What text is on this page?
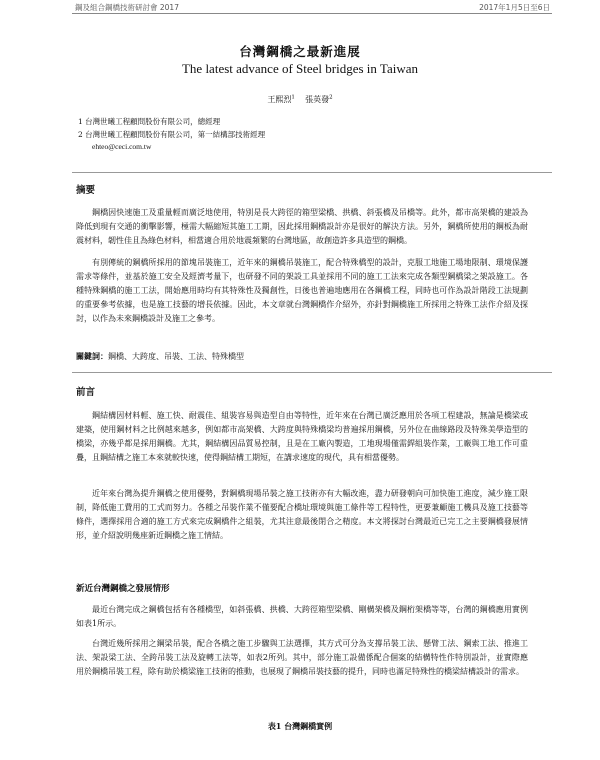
鋼及組合鋼橋技術研討會 2017	2017年1月5日至6日
台灣鋼橋之最新進展
The latest advance of Steel bridges in Taiwan
王熙烈$^1$ 張英發$^2$
1 台灣世曦工程顧問股份有限公司，總經理
2 台灣世曦工程顧問股份有限公司，第一結構部技術經理
ehteo@ceci.com.tw
摘要

鋼橋因快速施工及重量輕而廣泛地使用，特別是長大跨徑的箱型梁橋、拱橋、斜張橋及吊橋等。此外，都市高架橋的建設為降低到現有交通的衝擊影響，極需大幅縮短其施工工期，因此採用鋼橋設計亦是很好的解決方法。另外，鋼橋所使用的鋼板為耐震材料，韌性佳且為綠色材料，相當適合用於地震頻繁的台灣地區，故創造許多具造型的鋼橋。

有別傳統的鋼橋所採用的節塊吊裝施工，近年來的鋼橋吊裝施工，配合特殊橋型的設計，克服工地施工場地限制、環境保護需求等條件，並基於施工安全及經濟考量下，也研發不同的架設工具並採用不同的施工工法來完成各類型鋼橋梁之架設施工。各種特殊鋼橋的施工工法，開始應用時均有其特殊性及獨創性，日後也普遍地應用在各鋼橋工程，同時也可作為設計階段工法規劃的重要參考依據，也是施工技藝的增長依據。因此，本文章就台灣鋼橋作介紹外，亦針對鋼橋施工所採用之特殊工法作介紹及探討，以作為未來鋼橋設計及施工之參考。

關鍵詞：鋼橋、大跨度、吊裝、工法、特殊橋型
前言

鋼結構因材料輕、施工快、耐震佳、組裝容易與造型自由等特性，近年來在台灣已廣泛應用於各項工程建設，無論是橋梁或建築，使用鋼材料之比例越來越多，例如都市高架橋、大跨度與特殊橋梁均普遍採用鋼橋，另外位在曲線路段及特殊美學造型的橋梁，亦幾乎都是採用鋼橋。尤其，鋼結構因品質易控制，且是在工廠內製造，工地現場僅需銲組裝作業，工廠與工地工作可重疊，且鋼結構之施工本來就較快速，使得鋼結構工期短，在講求速度的現代，具有相當優勢。

近年來台灣為提升鋼橋之使用優勢，對鋼橋現場吊裝之施工技術亦有大幅改進，盡力研發朝向可加快施工進度，減少施工限制，降低施工費用的工式而努力。各種之吊裝作業不僅要配合橋址環境與施工條件等工程特性，更要兼顧施工機具及施工技藝等條件，選擇採用合適的施工方式來完成鋼橋件之組裝，尤其注意最後閉合之精度。本文將探討台灣最近已完工之主要鋼橋發展情形，並介紹說明幾座新近鋼橋之施工情結。

新近台灣鋼橋之發展情形

最近台灣完成之鋼橋包括有各種橋型，如斜張橋、拱橋、大跨徑箱型梁橋、剛構架橋及鋼桁架橋等等，台灣的鋼橋應用實例如表1所示。

台灣近幾所採用之鋼梁吊裝，配合各橋之施工步驟與工法選擇，其方式可分為支撐吊裝工法、懸臂工法、鋼索工法、推進工法、架設梁工法、全跨吊裝工法及旋轉工法等，如表2所列。其中，部分施工設備係配合個案的結構特性作特別設計，並實際應用於鋼橋吊裝工程，除有助於橋梁施工技術的推動，也展現了鋼橋吊裝技藝的提升，同時也滿足特殊性的橋梁結構設計的需求。

表1 台灣鋼橋實例
